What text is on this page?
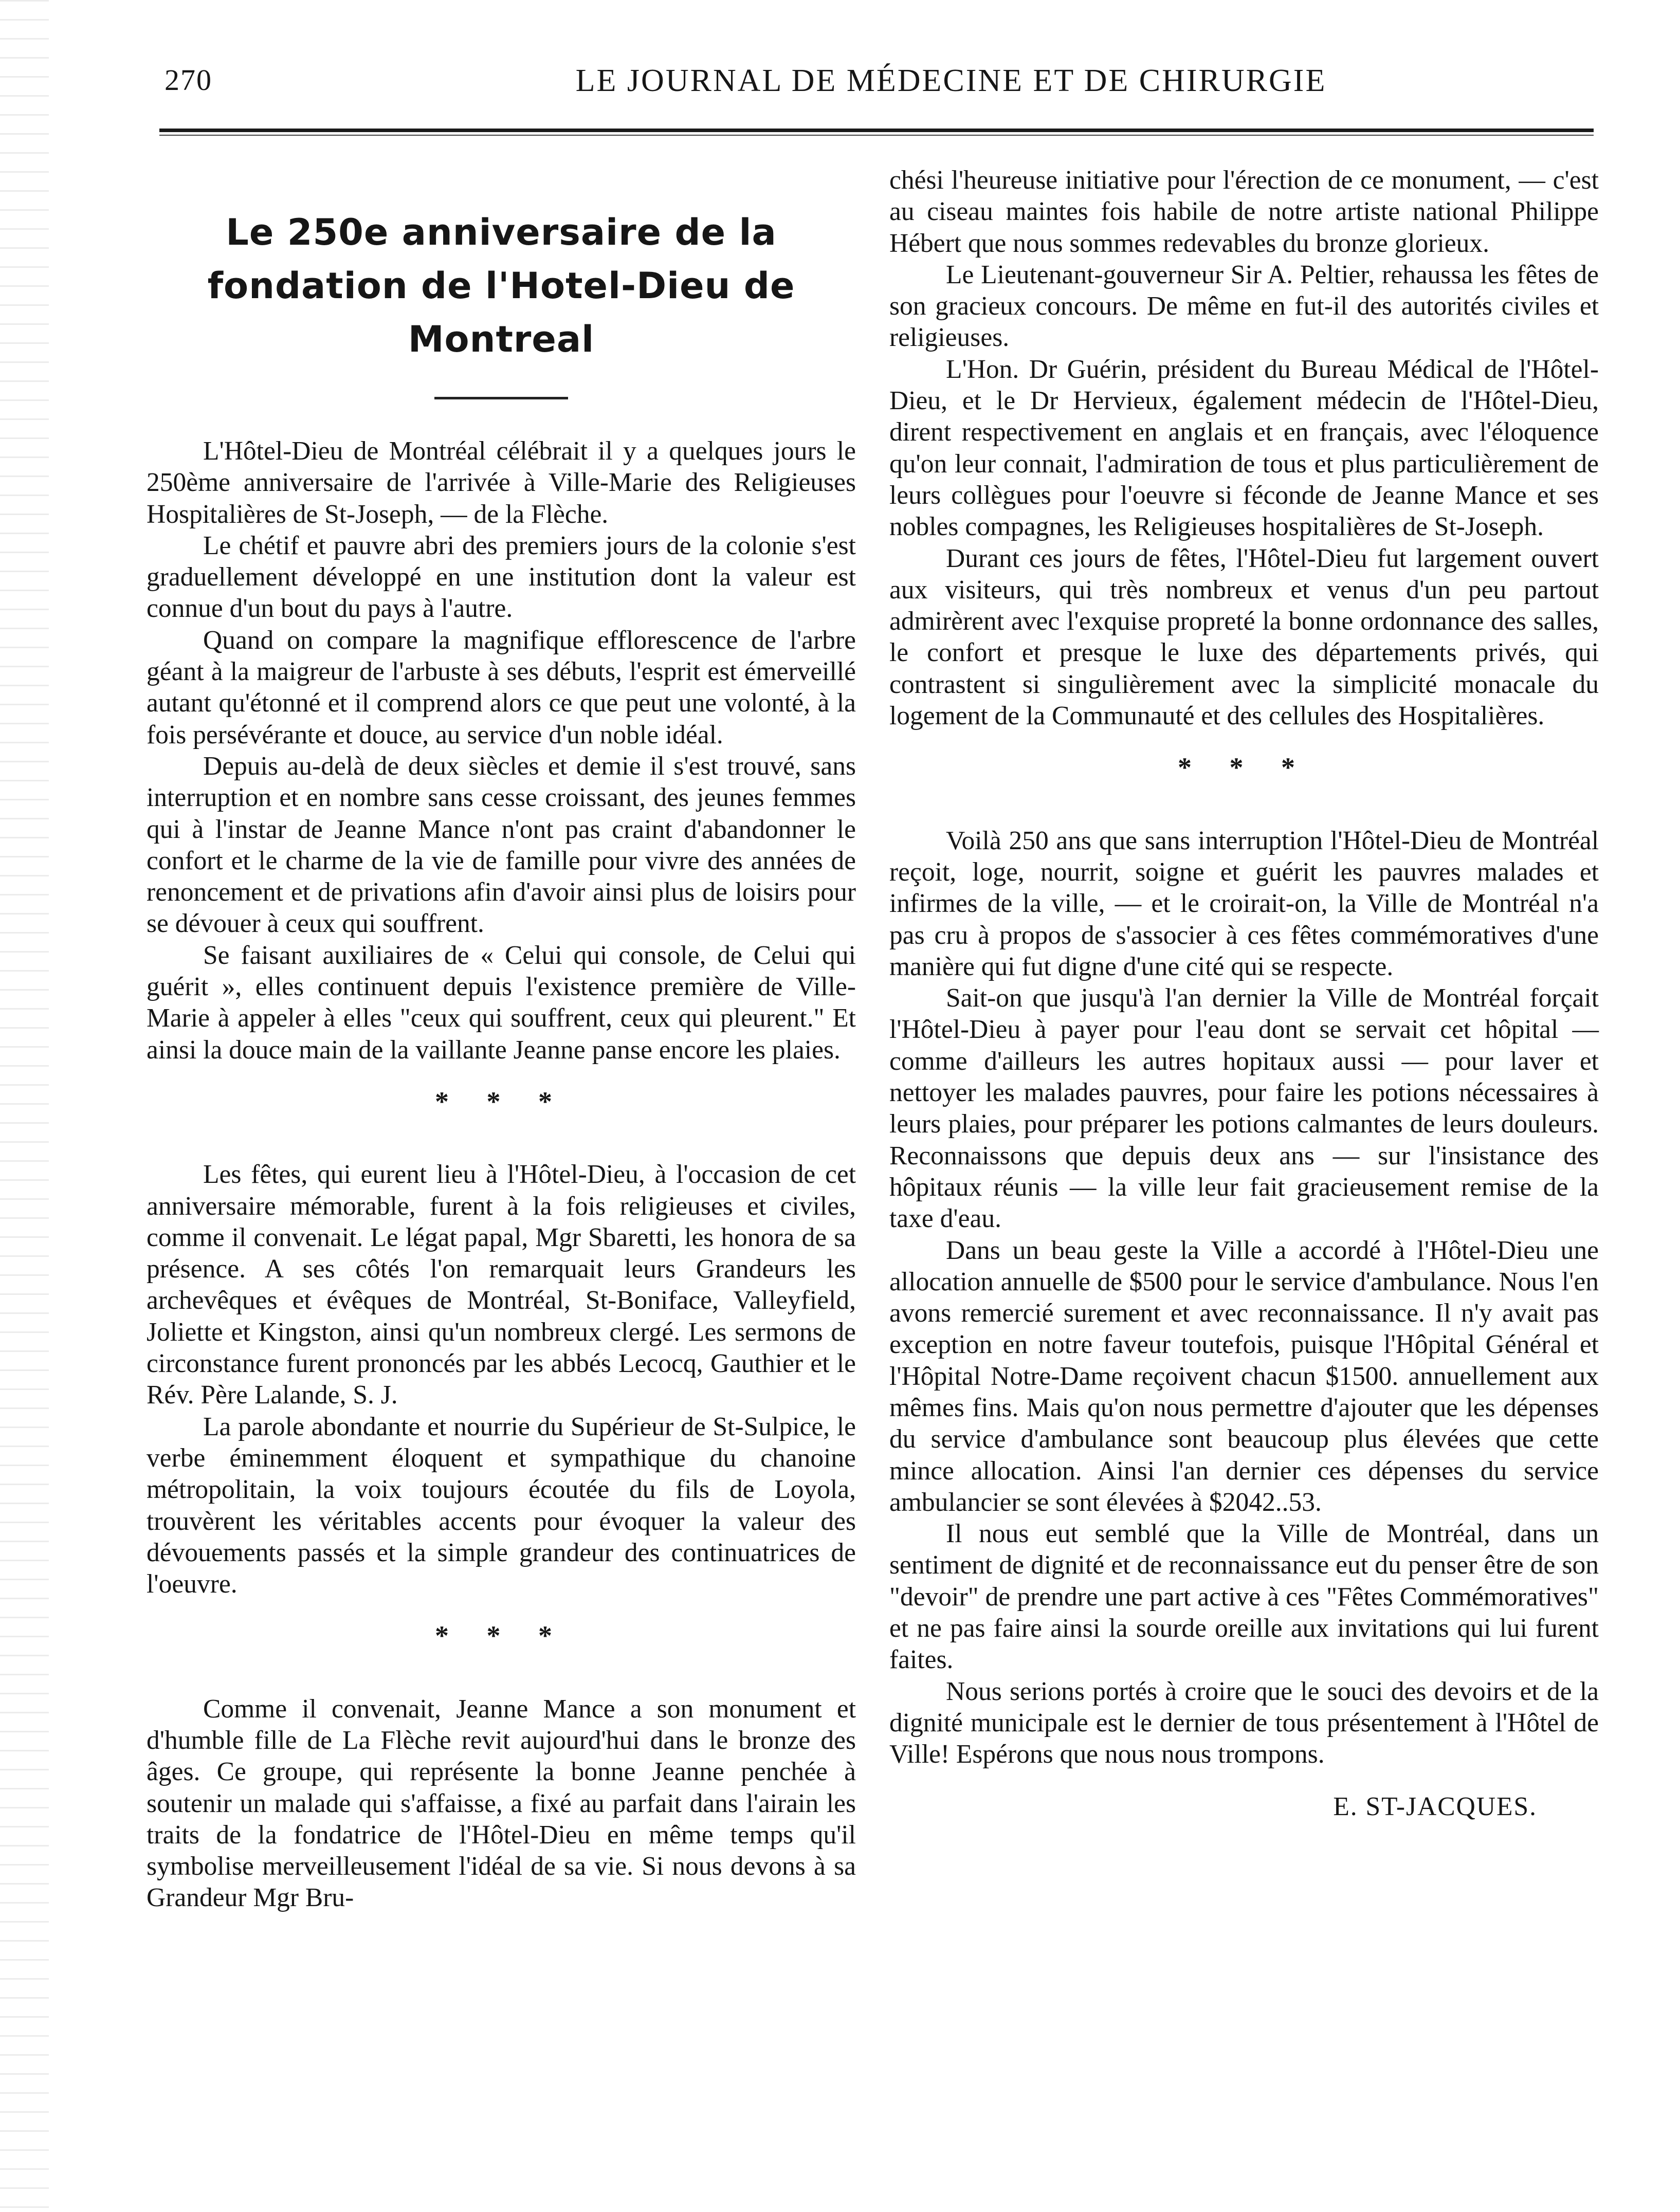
270	LE JOURNAL DE MÉDECINE ET DE CHIRURGIE
Le 250e anniversaire de la fondation de l'Hotel-Dieu de Montreal

L'Hôtel-Dieu de Montréal célébrait il y a quelques jours le 250ème anniversaire de l'arrivée à Ville-Marie des Religieuses Hospitalières de St-Joseph, — de la Flèche.

Le chétif et pauvre abri des premiers jours de la colonie s'est graduellement développé en une institution dont la valeur est connue d'un bout du pays à l'autre.

Quand on compare la magnifique efflorescence de l'arbre géant à la maigreur de l'arbuste à ses débuts, l'esprit est émerveillé autant qu'étonné et il comprend alors ce que peut une volonté, à la fois persévérante et douce, au service d'un noble idéal.

Depuis au-delà de deux siècles et demie il s'est trouvé, sans interruption et en nombre sans cesse croissant, des jeunes femmes qui à l'instar de Jeanne Mance n'ont pas craint d'abandonner le confort et le charme de la vie de famille pour vivre des années de renoncement et de privations afin d'avoir ainsi plus de loisirs pour se dévouer à ceux qui souffrent.

Se faisant auxiliaires de « Celui qui console, de Celui qui guérit », elles continuent depuis l'existence première de Ville-Marie à appeler à elles "ceux qui souffrent, ceux qui pleurent." Et ainsi la douce main de la vaillante Jeanne panse encore les plaies.

* * *

Les fêtes, qui eurent lieu à l'Hôtel-Dieu, à l'occasion de cet anniversaire mémorable, furent à la fois religieuses et civiles, comme il convenait. Le légat papal, Mgr Sbaretti, les honora de sa présence. A ses côtés l'on remarquait leurs Grandeurs les archevêques et évêques de Montréal, St-Boniface, Valleyfield, Joliette et Kingston, ainsi qu'un nombreux clergé. Les sermons de circonstance furent prononcés par les abbés Lecocq, Gauthier et le Rév. Père Lalande, S. J.

La parole abondante et nourrie du Supérieur de St-Sulpice, le verbe éminemment éloquent et sympathique du chanoine métropolitain, la voix toujours écoutée du fils de Loyola, trouvèrent les véritables accents pour évoquer la valeur des dévouements passés et la simple grandeur des continuatrices de l'oeuvre.

* * *

Comme il convenait, Jeanne Mance a son monument et d'humble fille de La Flèche revit aujourd'hui dans le bronze des âges. Ce groupe, qui représente la bonne Jeanne penchée à soutenir un malade qui s'affaisse, a fixé au parfait dans l'airain les traits de la fondatrice de l'Hôtel-Dieu en même temps qu'il symbolise merveilleusement l'idéal de sa vie. Si nous devons à sa Grandeur Mgr Bru-

chési l'heureuse initiative pour l'érection de ce monument, — c'est au ciseau maintes fois habile de notre artiste national Philippe Hébert que nous sommes redevables du bronze glorieux.

Le Lieutenant-gouverneur Sir A. Peltier, rehaussa les fêtes de son gracieux concours. De même en fut-il des autorités civiles et religieuses.

L'Hon. Dr Guérin, président du Bureau Médical de l'Hôtel-Dieu, et le Dr Hervieux, également médecin de l'Hôtel-Dieu, dirent respectivement en anglais et en français, avec l'éloquence qu'on leur connait, l'admiration de tous et plus particulièrement de leurs collègues pour l'oeuvre si féconde de Jeanne Mance et ses nobles compagnes, les Religieuses hospitalières de St-Joseph.

Durant ces jours de fêtes, l'Hôtel-Dieu fut largement ouvert aux visiteurs, qui très nombreux et venus d'un peu partout admirèrent avec l'exquise propreté la bonne ordonnance des salles, le confort et presque le luxe des départements privés, qui contrastent si singulièrement avec la simplicité monacale du logement de la Communauté et des cellules des Hospitalières.

* * *

Voilà 250 ans que sans interruption l'Hôtel-Dieu de Montréal reçoit, loge, nourrit, soigne et guérit les pauvres malades et infirmes de la ville, — et le croirait-on, la Ville de Montréal n'a pas cru à propos de s'associer à ces fêtes commémoratives d'une manière qui fut digne d'une cité qui se respecte.

Sait-on que jusqu'à l'an dernier la Ville de Montréal forçait l'Hôtel-Dieu à payer pour l'eau dont se servait cet hôpital — comme d'ailleurs les autres hopitaux aussi — pour laver et nettoyer les malades pauvres, pour faire les potions nécessaires à leurs plaies, pour préparer les potions calmantes de leurs douleurs. Reconnaissons que depuis deux ans — sur l'insistance des hôpitaux réunis — la ville leur fait gracieusement remise de la taxe d'eau.

Dans un beau geste la Ville a accordé à l'Hôtel-Dieu une allocation annuelle de $500 pour le service d'ambulance. Nous l'en avons remercié surement et avec reconnaissance. Il n'y avait pas exception en notre faveur toutefois, puisque l'Hôpital Général et l'Hôpital Notre-Dame reçoivent chacun $1500. annuellement aux mêmes fins. Mais qu'on nous permettre d'ajouter que les dépenses du service d'ambulance sont beaucoup plus élevées que cette mince allocation. Ainsi l'an dernier ces dépenses du service ambulancier se sont élevées à $2042..53.

Il nous eut semblé que la Ville de Montréal, dans un sentiment de dignité et de reconnaissance eut du penser être de son "devoir" de prendre une part active à ces "Fêtes Commémoratives" et ne pas faire ainsi la sourde oreille aux invitations qui lui furent faites.

Nous serions portés à croire que le souci des devoirs et de la dignité municipale est le dernier de tous présentement à l'Hôtel de Ville! Espérons que nous nous trompons.

E. ST-JACQUES.
